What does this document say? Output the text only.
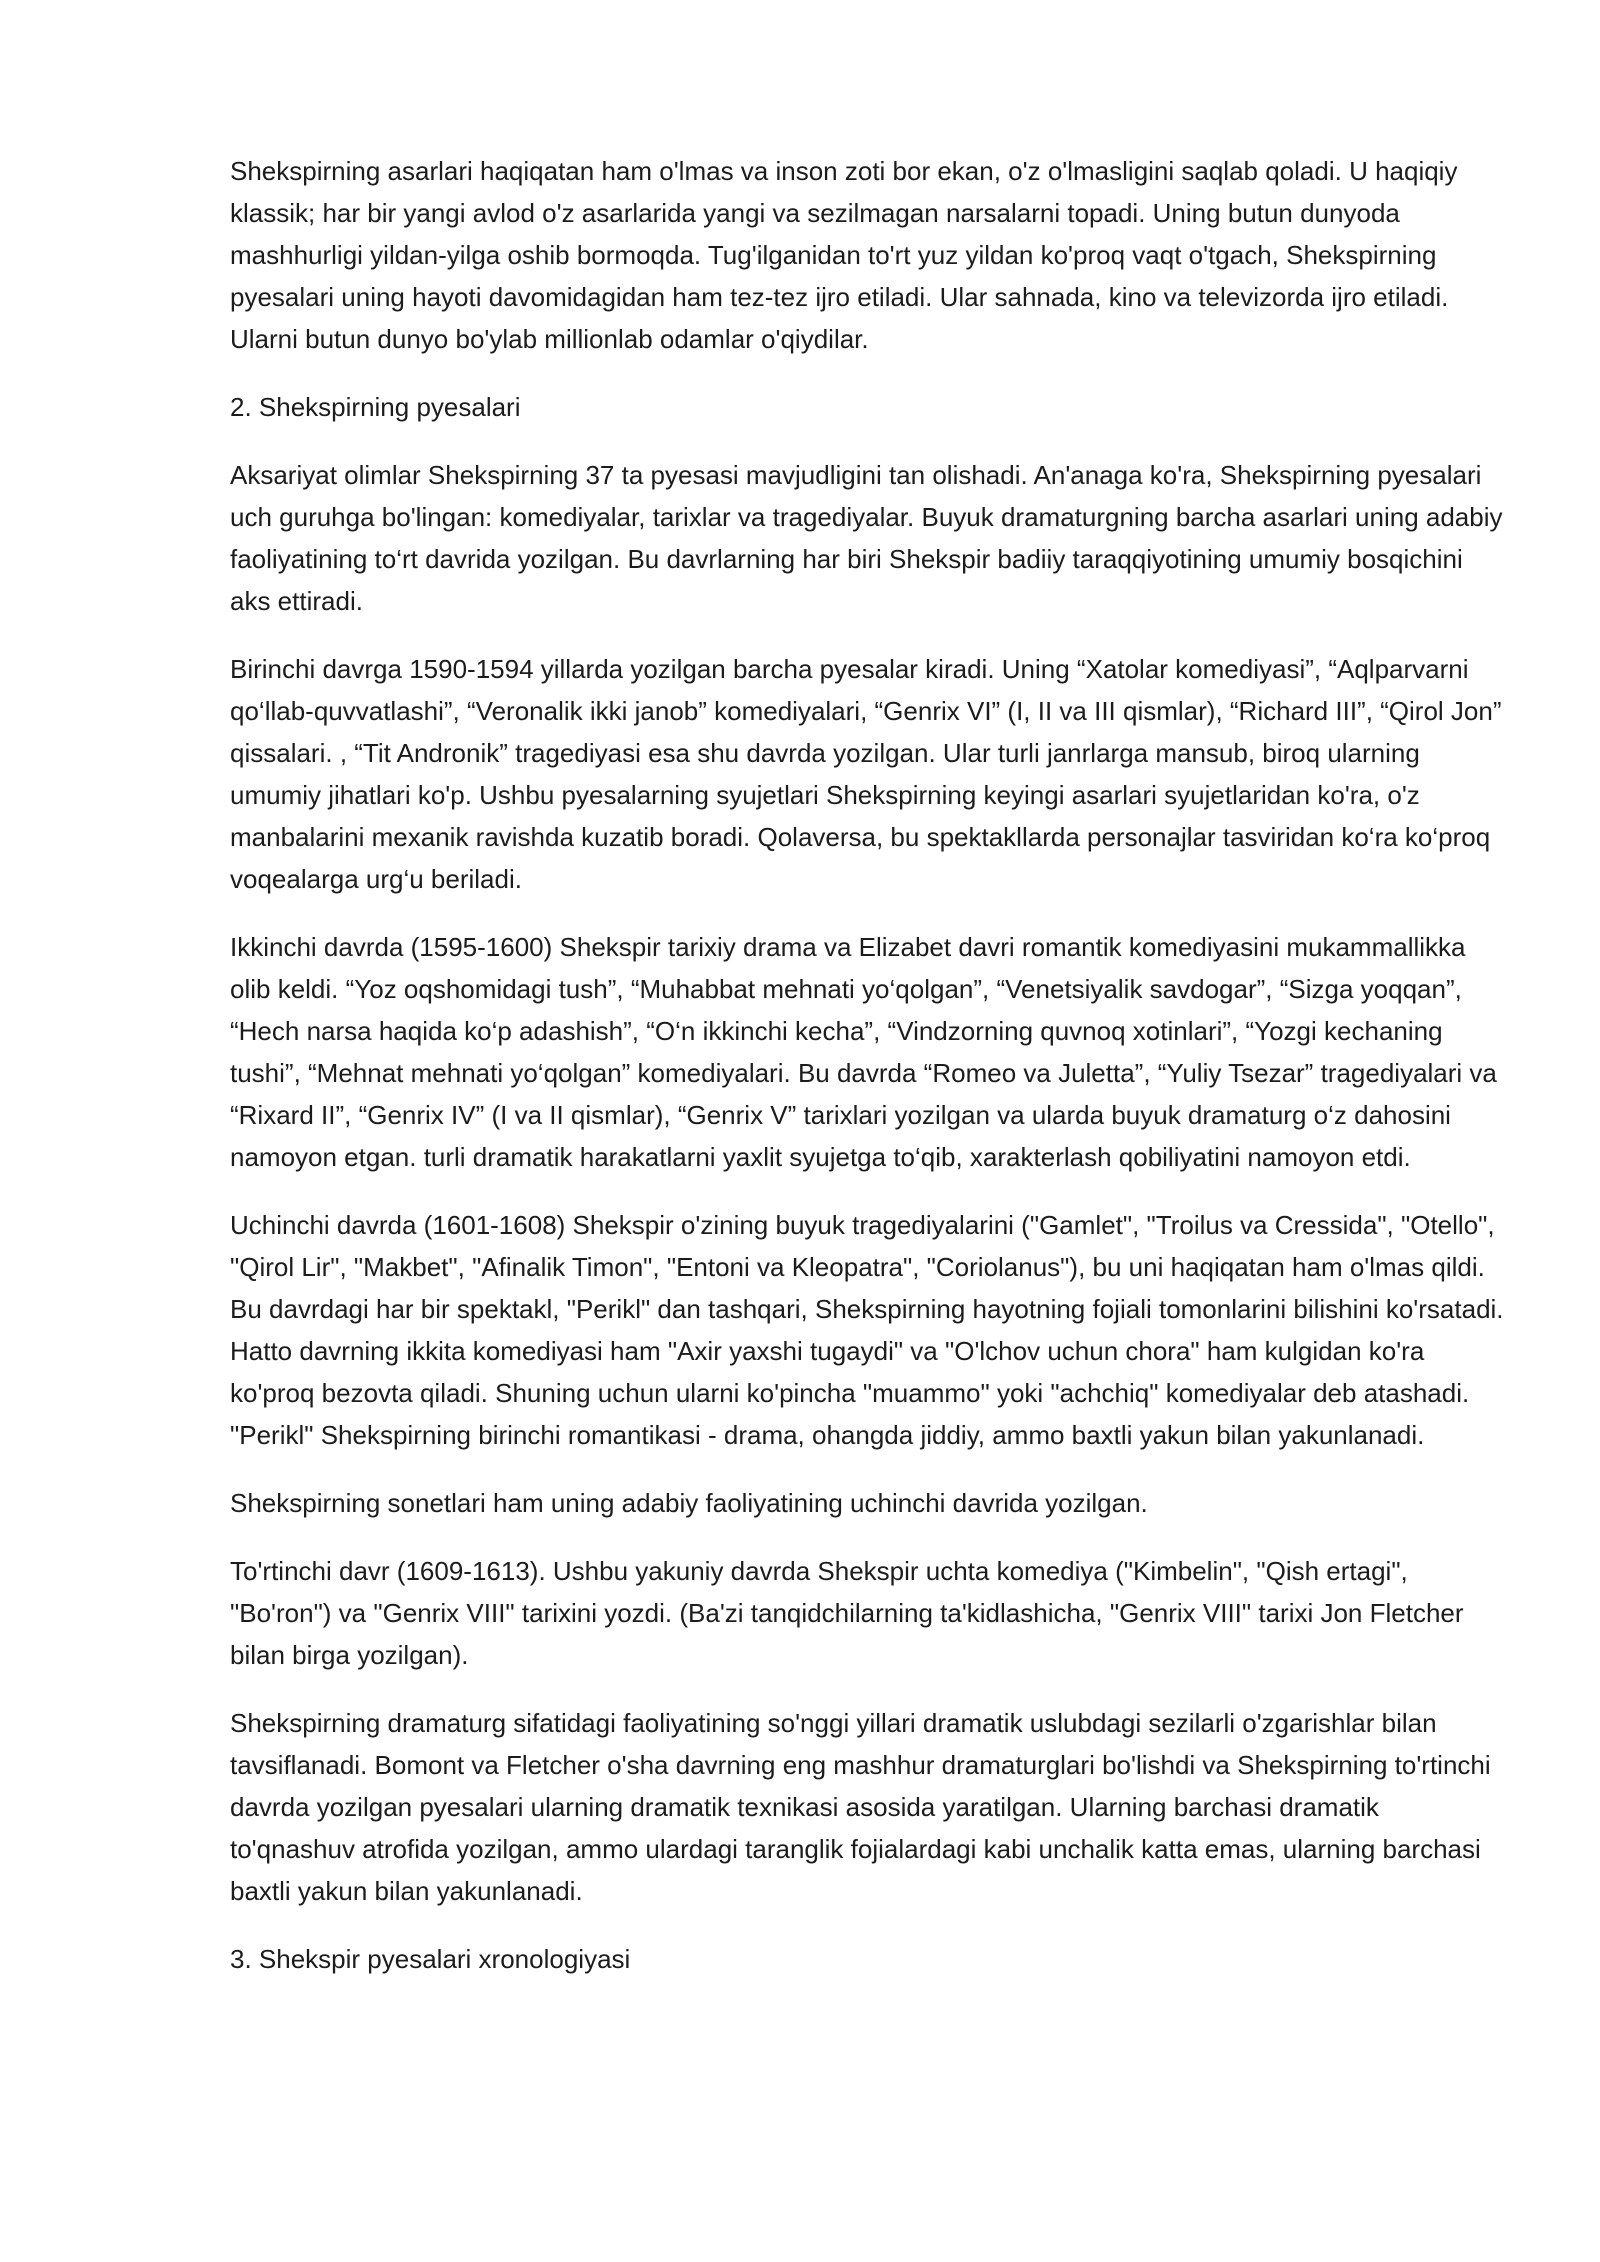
Shekspirning asarlari haqiqatan ham o'lmas va inson zoti bor ekan, o'z o'lmasligini saqlab qoladi. U haqiqiy klassik; har bir yangi avlod o'z asarlarida yangi va sezilmagan narsalarni topadi. Uning butun dunyoda mashhurligi yildan-yilga oshib bormoqda. Tug'ilganidan to'rt yuz yildan ko'proq vaqt o'tgach, Shekspirning pyesalari uning hayoti davomidagidan ham tez-tez ijro etiladi. Ular sahnada, kino va televizorda ijro etiladi. Ularni butun dunyo bo'ylab millionlab odamlar o'qiydilar.

2. Shekspirning pyesalari

Aksariyat olimlar Shekspirning 37 ta pyesasi mavjudligini tan olishadi. An'anaga ko'ra, Shekspirning pyesalari uch guruhga bo'lingan: komediyalar, tarixlar va tragediyalar. Buyuk dramaturgning barcha asarlari uning adabiy faoliyatining to‘rt davrida yozilgan. Bu davrlarning har biri Shekspir badiiy taraqqiyotining umumiy bosqichini aks ettiradi.

Birinchi davrga 1590-1594 yillarda yozilgan barcha pyesalar kiradi. Uning “Xatolar komediyasi”, “Aqlparvarni qo‘llab-quvvatlashi”, “Veronalik ikki janob” komediyalari, “Genrix VI” (I, II va III qismlar), “Richard III”, “Qirol Jon” qissalari. , “Tit Andronik” tragediyasi esa shu davrda yozilgan. Ular turli janrlarga mansub, biroq ularning umumiy jihatlari ko'p. Ushbu pyesalarning syujetlari Shekspirning keyingi asarlari syujetlaridan ko'ra, o'z manbalarini mexanik ravishda kuzatib boradi. Qolaversa, bu spektakllarda personajlar tasviridan ko‘ra ko‘proq voqealarga urg‘u beriladi.

Ikkinchi davrda (1595-1600) Shekspir tarixiy drama va Elizabet davri romantik komediyasini mukammallikka olib keldi. “Yoz oqshomidagi tush”, “Muhabbat mehnati yo‘qolgan”, “Venetsiyalik savdogar”, “Sizga yoqqan”, “Hech narsa haqida ko‘p adashish”, “O‘n ikkinchi kecha”, “Vindzorning quvnoq xotinlari”, “Yozgi kechaning tushi”, “Mehnat mehnati yo‘qolgan” komediyalari. Bu davrda “Romeo va Julettа”, “Yuliy Tsezar” tragediyalari va “Rixard II”, “Genrix IV” (I va II qismlar), “Genrix V” tarixlari yozilgan va ularda buyuk dramaturg o‘z dahosini namoyon etgan. turli dramatik harakatlarni yaxlit syujetga to‘qib, xarakterlash qobiliyatini namoyon etdi.

Uchinchi davrda (1601-1608) Shekspir o'zining buyuk tragediyalarini ("Gamlet", "Troilus va Cressida", "Otello", "Qirol Lir", "Makbet", "Afinalik Timon", "Entoni va Kleopatra", "Coriolanus"), bu uni haqiqatan ham o'lmas qildi. Bu davrdagi har bir spektakl, "Perikl" dan tashqari, Shekspirning hayotning fojiali tomonlarini bilishini ko'rsatadi. Hatto davrning ikkita komediyasi ham "Axir yaxshi tugaydi" va "O'lchov uchun chora" ham kulgidan ko'ra ko'proq bezovta qiladi. Shuning uchun ularni ko'pincha "muammo" yoki "achchiq" komediyalar deb atashadi. "Perikl" Shekspirning birinchi romantikasi - drama, ohangda jiddiy, ammo baxtli yakun bilan yakunlanadi.

Shekspirning sonetlari ham uning adabiy faoliyatining uchinchi davrida yozilgan.

To'rtinchi davr (1609-1613). Ushbu yakuniy davrda Shekspir uchta komediya ("Kimbelin", "Qish ertagi", "Bo'ron") va "Genrix VIII" tarixini yozdi. (Ba'zi tanqidchilarning ta'kidlashicha, "Genrix VIII" tarixi Jon Fletcher bilan birga yozilgan).

Shekspirning dramaturg sifatidagi faoliyatining so'nggi yillari dramatik uslubdagi sezilarli o'zgarishlar bilan tavsiflanadi. Bomont va Fletcher o'sha davrning eng mashhur dramaturglari bo'lishdi va Shekspirning to'rtinchi davrda yozilgan pyesalari ularning dramatik texnikasi asosida yaratilgan. Ularning barchasi dramatik to'qnashuv atrofida yozilgan, ammo ulardagi taranglik fojialardagi kabi unchalik katta emas, ularning barchasi baxtli yakun bilan yakunlanadi.

3. Shekspir pyesalari xronologiyasi
